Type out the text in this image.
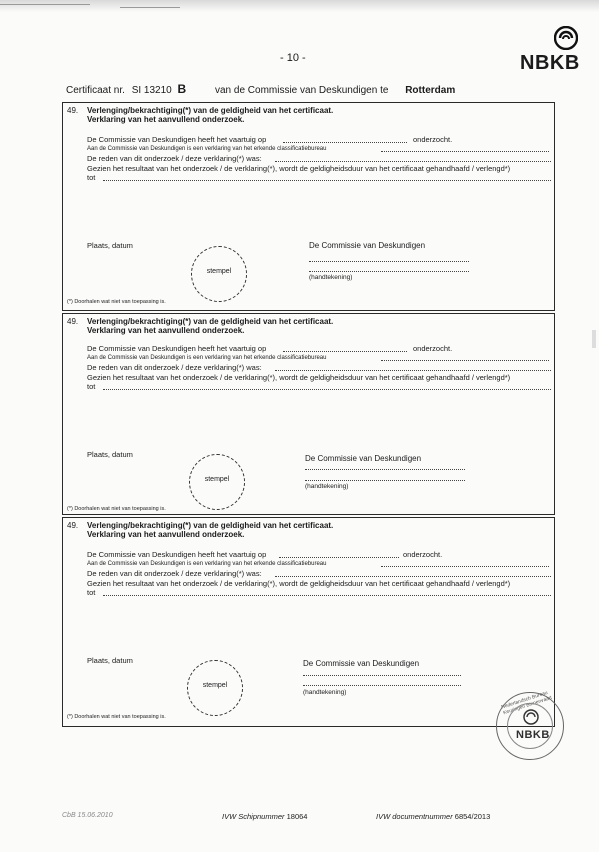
- 10 -	NBKB
Certificaat nr. SI 13210 B	van de Commissie van Deskundigen te Rotterdam
49. Verlenging/bekrachtiging(*) van de geldigheid van het certificaat.
Verklaring van het aanvullend onderzoek.
De Commissie van Deskundigen heeft het vaartuig op	onderzocht.
Aan de Commissie van Deskundigen is een verklaring van het erkende classificatiebureau
De reden van dit onderzoek / deze verklaring(*) was:
Gezien het resultaat van het onderzoek / de verklaring(*), wordt de geldigheidsduur van het certificaat gehandhaafd / verlengd*)
tot
Plaats, datum
stempel
De Commissie van Deskundigen
(handtekening)
(*) Doorhalen wat niet van toepassing is.
49. Verlenging/bekrachtiging(*) van de geldigheid van het certificaat.
Verklaring van het aanvullend onderzoek.
De Commissie van Deskundigen heeft het vaartuig op	onderzocht.
Aan de Commissie van Deskundigen is een verklaring van het erkende classificatiebureau
De reden van dit onderzoek / deze verklaring(*) was:
Gezien het resultaat van het onderzoek / de verklaring(*), wordt de geldigheidsduur van het certificaat gehandhaafd / verlengd*)
tot
Plaats, datum
stempel
De Commissie van Deskundigen
(handtekening)
(*) Doorhalen wat niet van toepassing is.
49. Verlenging/bekrachtiging(*) van de geldigheid van het certificaat.
Verklaring van het aanvullend onderzoek.
De Commissie van Deskundigen heeft het vaartuig op	onderzocht.
Aan de Commissie van Deskundigen is een verklaring van het erkende classificatiebureau
De reden van dit onderzoek / deze verklaring(*) was:
Gezien het resultaat van het onderzoek / de verklaring(*), wordt de geldigheidsduur van het certificaat gehandhaafd / verlengd*)
tot
Plaats, datum
stempel
De Commissie van Deskundigen
(handtekening)
(*) Doorhalen wat niet van toepassing is.
Nederlandsch Bureau Keuringen Binnenvaart
NBKB
CbB 15.06.2010	IVW Schipnummer 18064	IVW documentnummer 6854/2013
